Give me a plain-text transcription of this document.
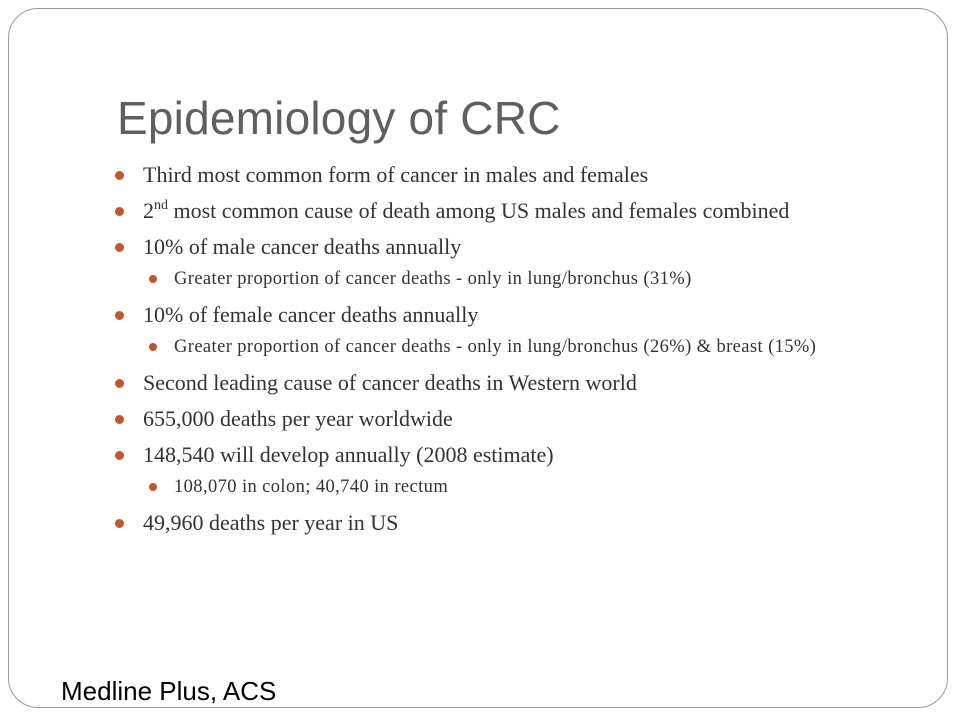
Epidemiology of CRC
Third most common form of cancer in males and females
2nd most common cause of death among US males and females combined
10% of male cancer deaths annually
Greater proportion of cancer deaths - only in lung/bronchus (31%)
10% of female cancer deaths annually
Greater proportion of cancer deaths - only in lung/bronchus (26%) & breast (15%)
Second leading cause of cancer deaths in Western world
655,000 deaths per year worldwide
148,540 will develop annually (2008 estimate)
108,070 in colon; 40,740 in rectum
49,960 deaths per year in US
Medline Plus, ACS
